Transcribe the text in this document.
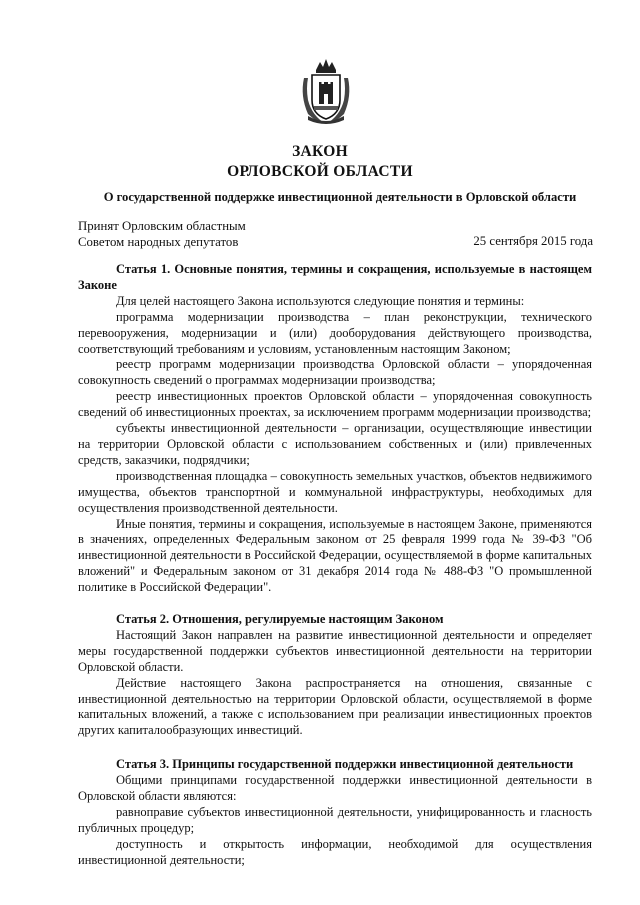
ЗАКОН
ОРЛОВСКОЙ ОБЛАСТИ
О государственной поддержке инвестиционной деятельности в Орловской области
Принят Орловским областным
Советом народных депутатов	25 сентября 2015 года

Статья 1. Основные понятия, термины и сокращения, используемые в настоящем Законе

Для целей настоящего Закона используются следующие понятия и термины:

программа модернизации производства – план реконструкции, технического перевооружения, модернизации и (или) дооборудования действующего производства, соответствующий требованиям и условиям, установленным настоящим Законом;

реестр программ модернизации производства Орловской области – упорядоченная совокупность сведений о программах модернизации производства;

реестр инвестиционных проектов Орловской области – упорядоченная совокупность сведений об инвестиционных проектах, за исключением программ модернизации производства;

субъекты инвестиционной деятельности – организации, осуществляющие инвестиции на территории Орловской области с использованием собственных и (или) привлеченных средств, заказчики, подрядчики;

производственная площадка – совокупность земельных участков, объектов недвижимого имущества, объектов транспортной и коммунальной инфраструктуры, необходимых для осуществления производственной деятельности.

Иные понятия, термины и сокращения, используемые в настоящем Законе, применяются в значениях, определенных Федеральным законом от 25 февраля 1999 года № 39-ФЗ "Об инвестиционной деятельности в Российской Федерации, осуществляемой в форме капитальных вложений" и Федеральным законом от 31 декабря 2014 года № 488-ФЗ "О промышленной политике в Российской Федерации".

Статья 2. Отношения, регулируемые настоящим Законом

Настоящий Закон направлен на развитие инвестиционной деятельности и определяет меры государственной поддержки субъектов инвестиционной деятельности на территории Орловской области.

Действие настоящего Закона распространяется на отношения, связанные с инвестиционной деятельностью на территории Орловской области, осуществляемой в форме капитальных вложений, а также с использованием при реализации инвестиционных проектов других капиталообразующих инвестиций.

Статья 3. Принципы государственной поддержки инвестиционной деятельности

Общими принципами государственной поддержки инвестиционной деятельности в Орловской области являются:

равноправие субъектов инвестиционной деятельности, унифицированность и гласность публичных процедур;

доступность и открытость информации, необходимой для осуществления инвестиционной деятельности;
